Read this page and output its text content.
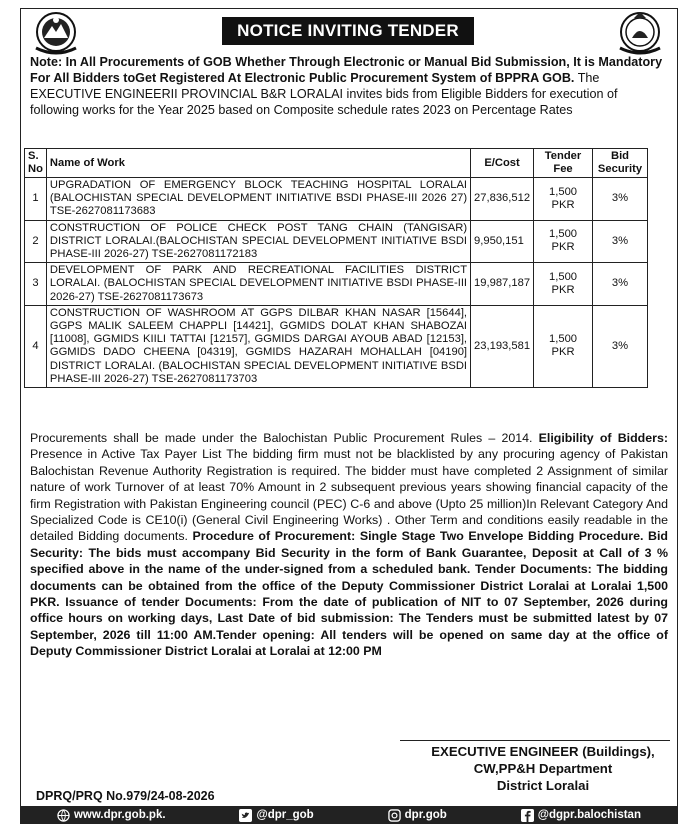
NOTICE INVITING TENDER
Note: In All Procurements of GOB Whether Through Electronic or Manual Bid Submission, It is Mandatory For All Bidders toGet Registered At Electronic Public Procurement System of BPPRA GOB. The EXECUTIVE ENGINEERII PROVINCIAL B&R LORALAI invites bids from Eligible Bidders for execution of following works for the Year 2025 based on Composite schedule rates 2023 on Percentage Rates
S. No	Name of Work	E/Cost	Tender Fee	Bid Security
1	UPGRADATION OF EMERGENCY BLOCK TEACHING HOSPITAL LORALAI (BALOCHISTAN SPECIAL DEVELOPMENT INITIATIVE BSDI PHASE-III 2026 27) TSE-2627081173683	27,836,512	1,500 PKR	3%
2	CONSTRUCTION OF POLICE CHECK POST TANG CHAIN (TANGISAR) DISTRICT LORALAI.(BALOCHISTAN SPECIAL DEVELOPMENT INITIATIVE BSDI PHASE-III 2026-27) TSE-2627081172183	9,950,151	1,500 PKR	3%
3	DEVELOPMENT OF PARK AND RECREATIONAL FACILITIES DISTRICT LORALAI. (BALOCHISTAN SPECIAL DEVELOPMENT INITIATIVE BSDI PHASE-III 2026-27) TSE-2627081173673	19,987,187	1,500 PKR	3%
4	CONSTRUCTION OF WASHROOM AT GGPS DILBAR KHAN NASAR [15644], GGPS MALIK SALEEM CHAPPLI [14421], GGMIDS DOLAT KHAN SHABOZAI [11008], GGMIDS KIILI TATTAI [12157], GGMIDS DARGAI AYOUB ABAD [12153], GGMIDS DADO CHEENA [04319], GGMIDS HAZARAH MOHALLAH [04190] DISTRICT LORALAI. (BALOCHISTAN SPECIAL DEVELOPMENT INITIATIVE BSDI PHASE-III 2026-27) TSE-2627081173703	23,193,581	1,500 PKR	3%
Procurements shall be made under the Balochistan Public Procurement Rules – 2014. Eligibility of Bidders: Presence in Active Tax Payer List The bidding firm must not be blacklisted by any procuring agency of Pakistan Balochistan Revenue Authority Registration is required. The bidder must have completed 2 Assignment of similar nature of work Turnover of at least 70% Amount in 2 subsequent previous years showing financial capacity of the firm Registration with Pakistan Engineering council (PEC) C-6 and above (Upto 25 million)In Relevant Category And Specialized Code is CE10(i) (General Civil Engineering Works) . Other Term and conditions easily readable in the detailed Bidding documents. Procedure of Procurement: Single Stage Two Envelope Bidding Procedure. Bid Security: The bids must accompany Bid Security in the form of Bank Guarantee, Deposit at Call of 3 % specified above in the name of the under-signed from a scheduled bank. Tender Documents: The bidding documents can be obtained from the office of the Deputy Commissioner District Loralai at Loralai 1,500 PKR. Issuance of tender Documents: From the date of publication of NIT to 07 September, 2026 during office hours on working days, Last Date of bid submission: The Tenders must be submitted latest by 07 September, 2026 till 11:00 AM.Tender opening: All tenders will be opened on same day at the office of Deputy Commissioner District Loralai at Loralai at 12:00 PM
EXECUTIVE ENGINEER (Buildings),
CW,PP&H Department
District Loralai
DPRQ/PRQ No.979/24-08-2026
www.dpr.gob.pk.	@dpr_gob	dpr.gob	@dgpr.balochistan
